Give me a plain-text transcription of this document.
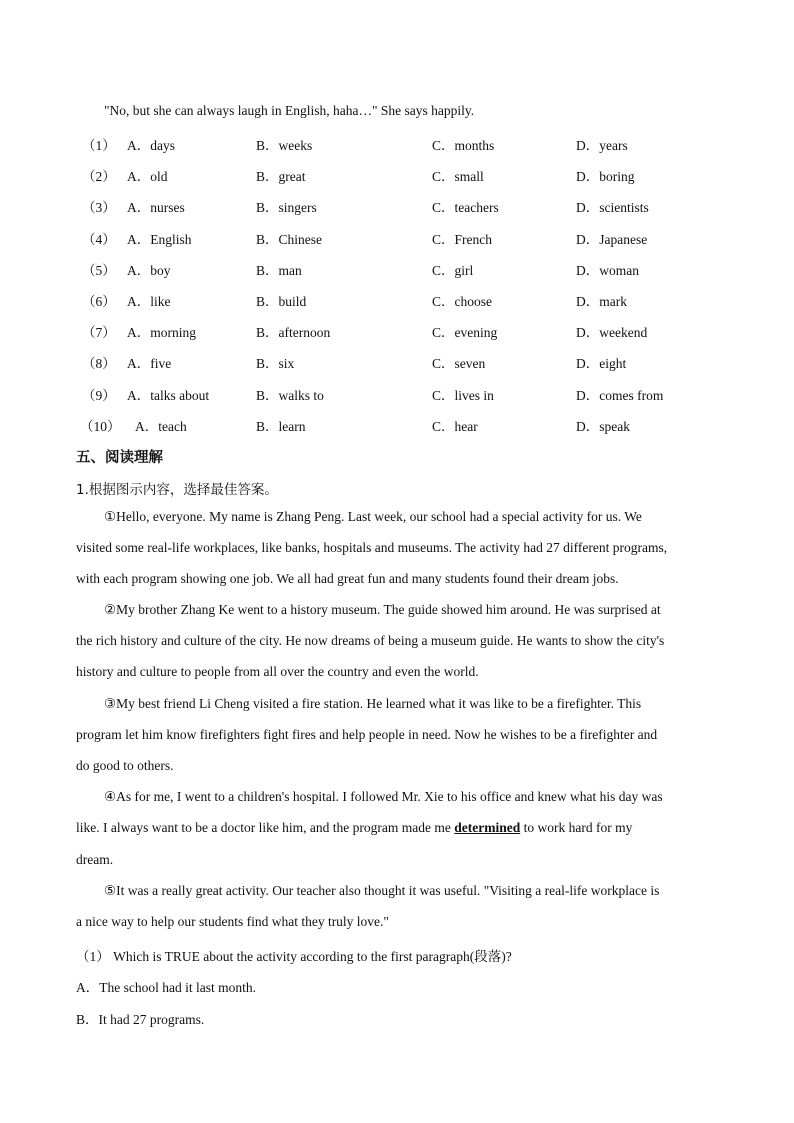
"No, but she can always laugh in English, haha…" She says happily.
（1） A．days	B．weeks	C．months	D．years
（2） A．old	B．great	C．small	D．boring
（3） A．nurses	B．singers	C．teachers	D．scientists
（4） A．English	B．Chinese	C．French	D．Japanese
（5） A．boy	B．man	C．girl	D．woman
（6） A．like	B．build	C．choose	D．mark
（7） A．morning	B．afternoon	C．evening	D．weekend
（8） A．five	B．six	C．seven	D．eight
（9） A．talks about	B．walks to	C．lives in	D．comes from
（10） A．teach	B．learn	C．hear	D．speak
五、阅读理解
1.根据图示内容，选择最佳答案。
①Hello, everyone. My name is Zhang Peng. Last week, our school had a special activity for us. We
visited some real-life workplaces, like banks, hospitals and museums. The activity had 27 different programs,
with each program showing one job. We all had great fun and many students found their dream jobs.
②My brother Zhang Ke went to a history museum. The guide showed him around. He was surprised at
the rich history and culture of the city. He now dreams of being a museum guide. He wants to show the city's
history and culture to people from all over the country and even the world.
③My best friend Li Cheng visited a fire station. He learned what it was like to be a firefighter. This
program let him know firefighters fight fires and help people in need. Now he wishes to be a firefighter and
do good to others.
④As for me, I went to a children's hospital. I followed Mr. Xie to his office and knew what his day was
like. I always want to be a doctor like him, and the program made me determined to work hard for my
dream.
⑤It was a really great activity. Our teacher also thought it was useful. "Visiting a real-life workplace is
a nice way to help our students find what they truly love."
（1） Which is TRUE about the activity according to the first paragraph(段落)?
A．The school had it last month.
B．It had 27 programs.
